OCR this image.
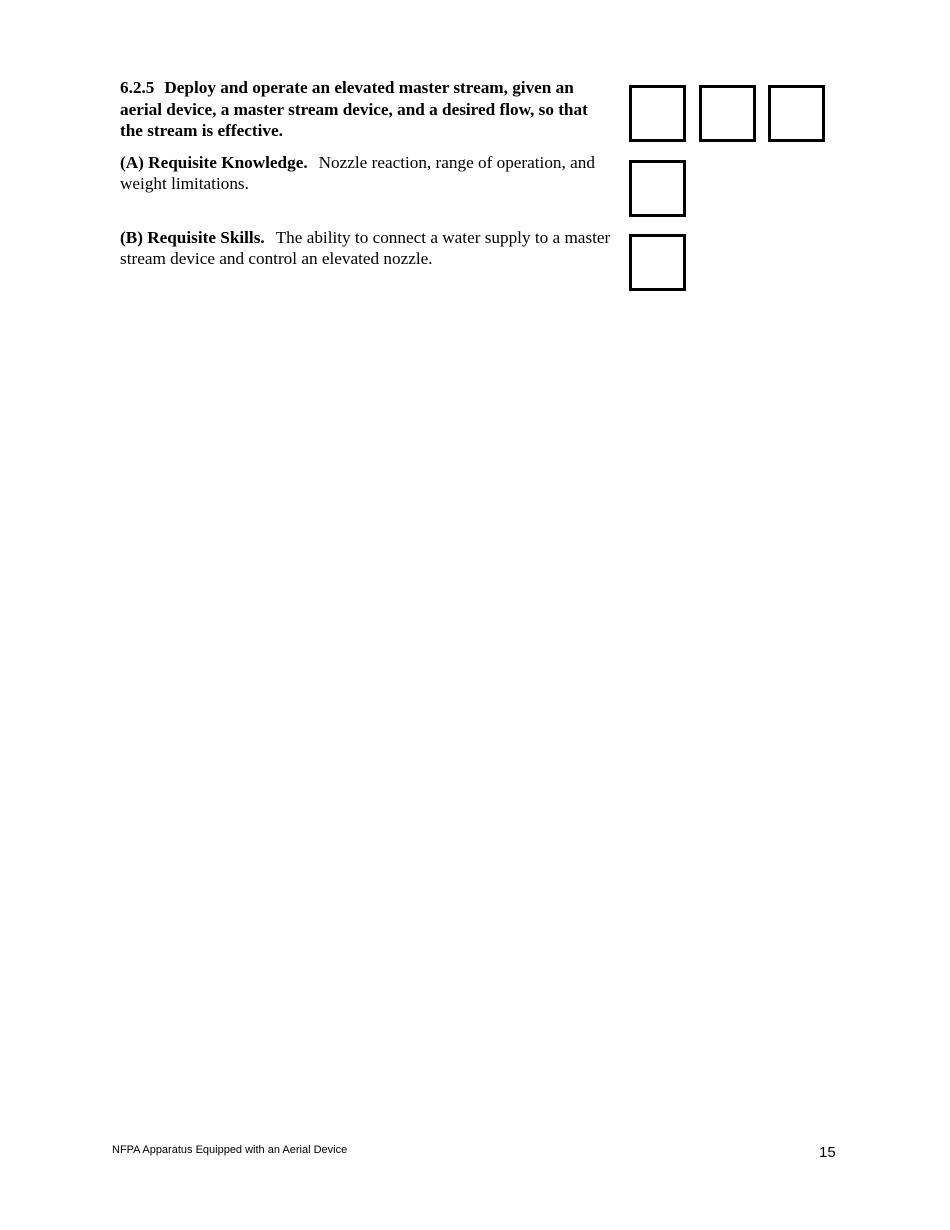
6.2.5 Deploy and operate an elevated master stream, given an aerial device, a master stream device, and a desired flow, so that the stream is effective.

(A) Requisite Knowledge. Nozzle reaction, range of operation, and weight limitations.

(B) Requisite Skills. The ability to connect a water supply to a master stream device and control an elevated nozzle.

NFPA Apparatus Equipped with an Aerial Device	15
